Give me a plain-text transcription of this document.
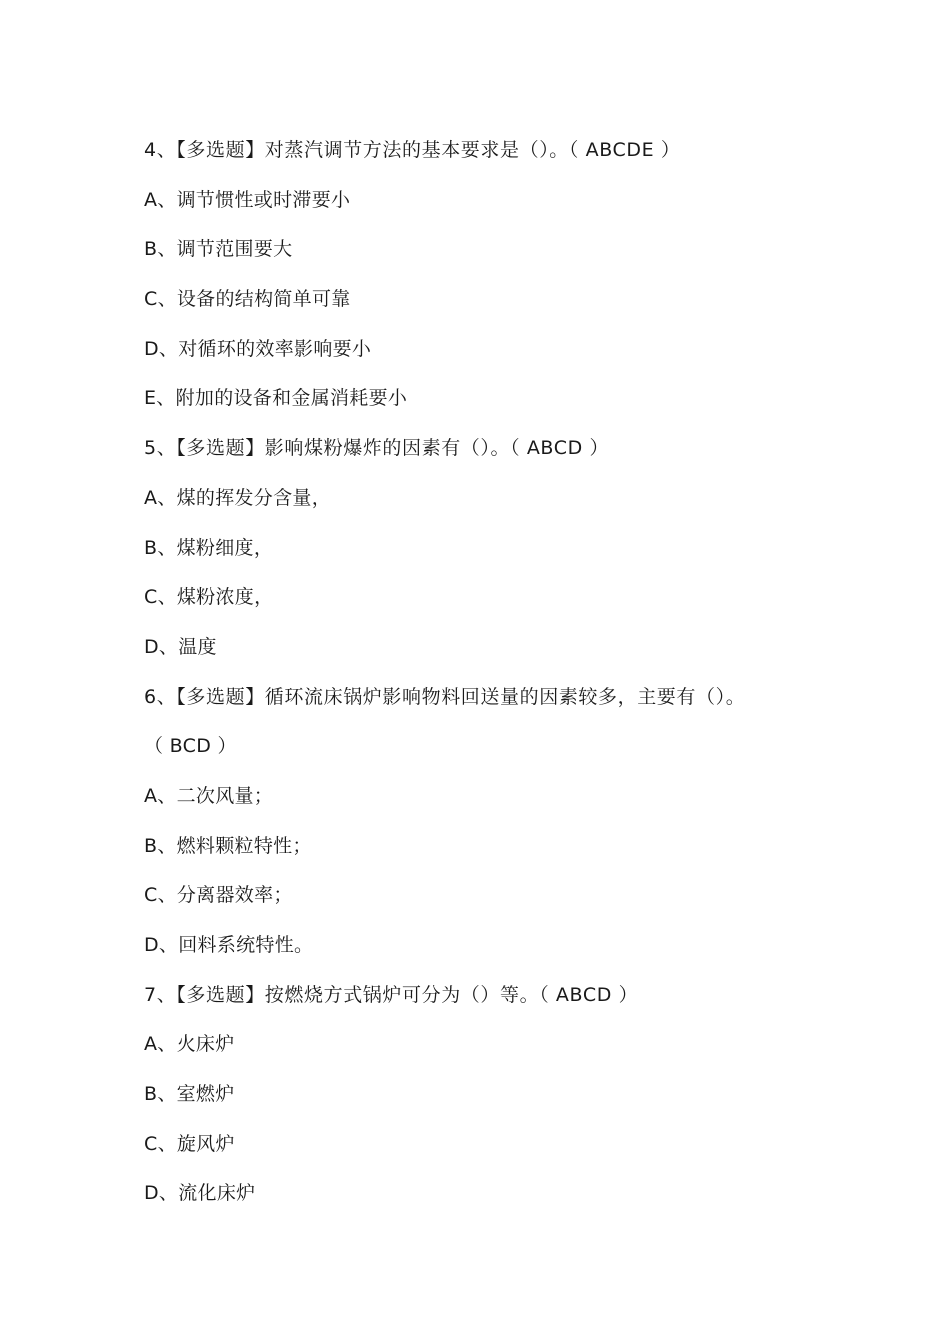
4、【多选题】对蒸汽调节方法的基本要求是（）。（ ABCDE ）
A、调节惯性或时滞要小
B、调节范围要大
C、设备的结构简单可靠
D、对循环的效率影响要小
E、附加的设备和金属消耗要小
5、【多选题】影响煤粉爆炸的因素有（）。（ ABCD ）
A、煤的挥发分含量，
B、煤粉细度，
C、煤粉浓度，
D、温度
6、【多选题】循环流床锅炉影响物料回送量的因素较多，主要有（）。
（ BCD ）
A、二次风量；
B、燃料颗粒特性；
C、分离器效率；
D、回料系统特性。
7、【多选题】按燃烧方式锅炉可分为（）等。（ ABCD ）
A、火床炉
B、室燃炉
C、旋风炉
D、流化床炉
